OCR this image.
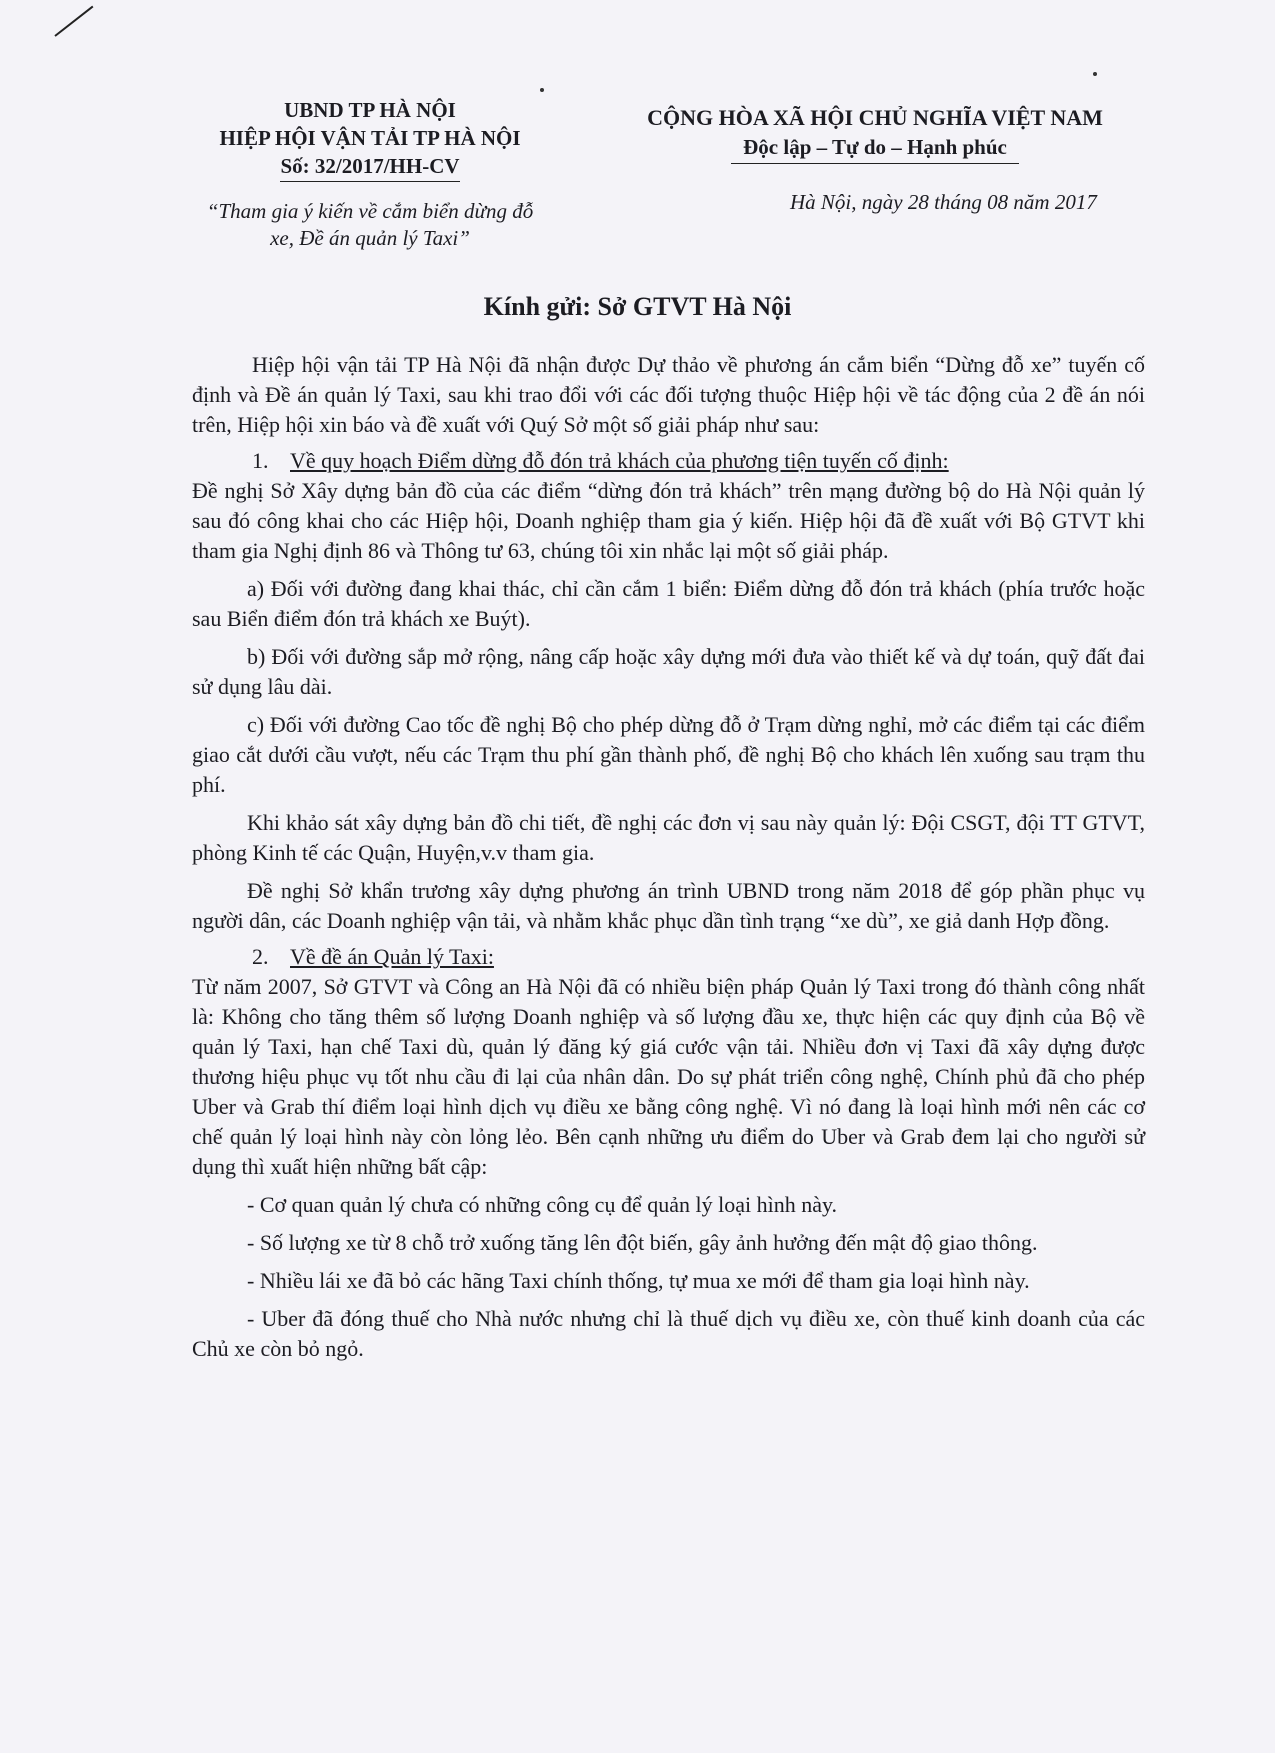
UBND TP HÀ NỘI
HIỆP HỘI VẬN TẢI TP HÀ NỘI
Số: 32/2017/HH-CV
“Tham gia ý kiến về cắm biển dừng đỗ
xe, Đề án quản lý Taxi”
CỘNG HÒA XÃ HỘI CHỦ NGHĨA VIỆT NAM
Độc lập – Tự do – Hạnh phúc
Hà Nội, ngày 28 tháng 08 năm 2017
Kính gửi: Sở GTVT Hà Nội

Hiệp hội vận tải TP Hà Nội đã nhận được Dự thảo về phương án cắm biển “Dừng đỗ xe” tuyến cố định và Đề án quản lý Taxi, sau khi trao đổi với các đối tượng thuộc Hiệp hội về tác động của 2 đề án nói trên, Hiệp hội xin báo và đề xuất với Quý Sở một số giải pháp như sau:

1. Về quy hoạch Điểm dừng đỗ đón trả khách của phương tiện tuyến cố định:

Đề nghị Sở Xây dựng bản đồ của các điểm “dừng đón trả khách” trên mạng đường bộ do Hà Nội quản lý sau đó công khai cho các Hiệp hội, Doanh nghiệp tham gia ý kiến. Hiệp hội đã đề xuất với Bộ GTVT khi tham gia Nghị định 86 và Thông tư 63, chúng tôi xin nhắc lại một số giải pháp.

a) Đối với đường đang khai thác, chỉ cần cắm 1 biển: Điểm dừng đỗ đón trả khách (phía trước hoặc sau Biển điểm đón trả khách xe Buýt).

b) Đối với đường sắp mở rộng, nâng cấp hoặc xây dựng mới đưa vào thiết kế và dự toán, quỹ đất đai sử dụng lâu dài.

c) Đối với đường Cao tốc đề nghị Bộ cho phép dừng đỗ ở Trạm dừng nghỉ, mở các điểm tại các điểm giao cắt dưới cầu vượt, nếu các Trạm thu phí gần thành phố, đề nghị Bộ cho khách lên xuống sau trạm thu phí.

Khi khảo sát xây dựng bản đồ chi tiết, đề nghị các đơn vị sau này quản lý: Đội CSGT, đội TT GTVT, phòng Kinh tế các Quận, Huyện,v.v tham gia.

Đề nghị Sở khẩn trương xây dựng phương án trình UBND trong năm 2018 để góp phần phục vụ người dân, các Doanh nghiệp vận tải, và nhằm khắc phục dần tình trạng “xe dù”, xe giả danh Hợp đồng.

2. Về đề án Quản lý Taxi:

Từ năm 2007, Sở GTVT và Công an Hà Nội đã có nhiều biện pháp Quản lý Taxi trong đó thành công nhất là: Không cho tăng thêm số lượng Doanh nghiệp và số lượng đầu xe, thực hiện các quy định của Bộ về quản lý Taxi, hạn chế Taxi dù, quản lý đăng ký giá cước vận tải. Nhiều đơn vị Taxi đã xây dựng được thương hiệu phục vụ tốt nhu cầu đi lại của nhân dân. Do sự phát triển công nghệ, Chính phủ đã cho phép Uber và Grab thí điểm loại hình dịch vụ điều xe bằng công nghệ. Vì nó đang là loại hình mới nên các cơ chế quản lý loại hình này còn lỏng lẻo. Bên cạnh những ưu điểm do Uber và Grab đem lại cho người sử dụng thì xuất hiện những bất cập:

- Cơ quan quản lý chưa có những công cụ để quản lý loại hình này.

- Số lượng xe từ 8 chỗ trở xuống tăng lên đột biến, gây ảnh hưởng đến mật độ giao thông.

- Nhiều lái xe đã bỏ các hãng Taxi chính thống, tự mua xe mới để tham gia loại hình này.

- Uber đã đóng thuế cho Nhà nước nhưng chỉ là thuế dịch vụ điều xe, còn thuế kinh doanh của các Chủ xe còn bỏ ngỏ.
